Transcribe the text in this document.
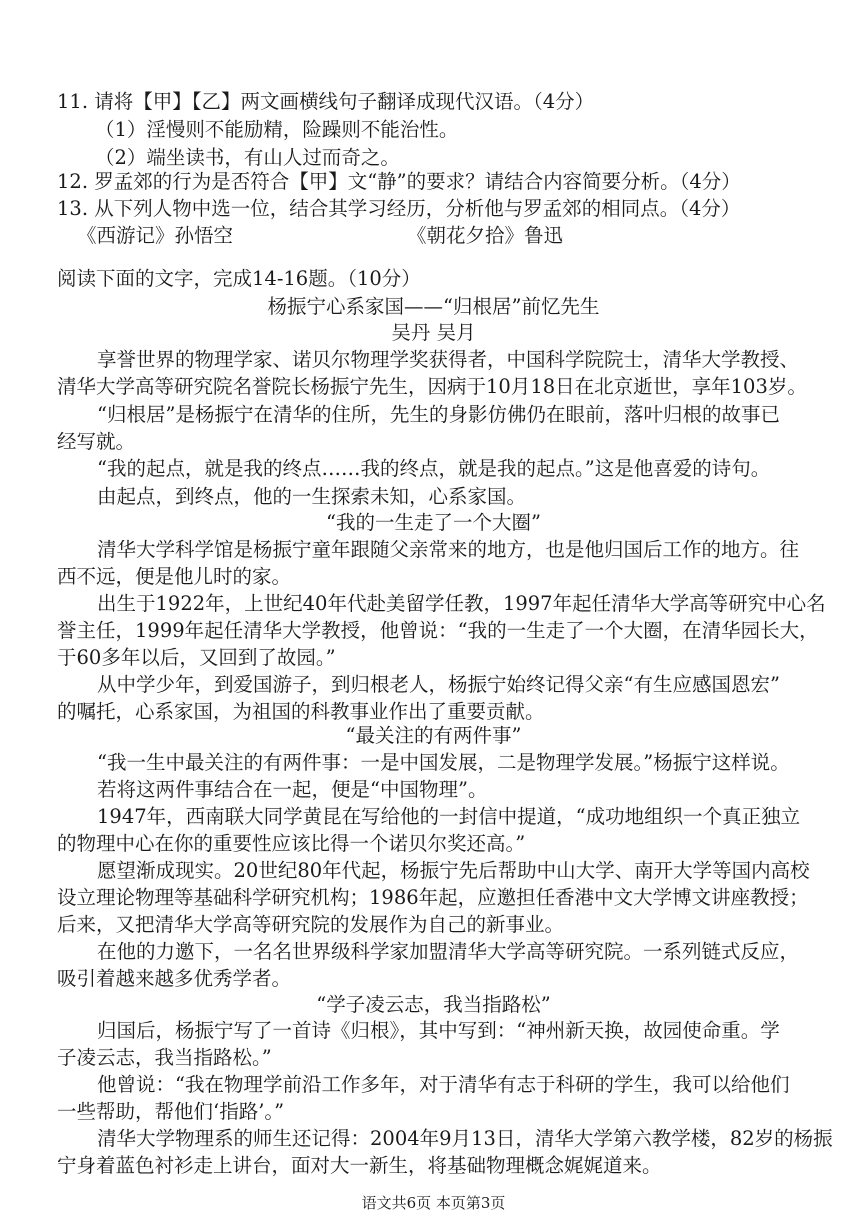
11. 请将【甲】【乙】两文画横线句子翻译成现代汉语。（4分）
（1）淫慢则不能励精，险躁则不能治性。
（2）端坐读书，有山人过而奇之。
12. 罗孟郊的行为是否符合【甲】文“静”的要求？请结合内容简要分析。（4分）
13. 从下列人物中选一位，结合其学习经历，分析他与罗孟郊的相同点。（4分）
《西游记》孙悟空	《朝花夕拾》鲁迅
阅读下面的文字，完成14-16题。（10分）
杨振宁心系家国——“归根居”前忆先生
吴丹 吴月
享誉世界的物理学家、诺贝尔物理学奖获得者，中国科学院院士，清华大学教授、
清华大学高等研究院名誉院长杨振宁先生，因病于10月18日在北京逝世，享年103岁。
“归根居”是杨振宁在清华的住所，先生的身影仿佛仍在眼前，落叶归根的故事已
经写就。
“我的起点，就是我的终点……我的终点，就是我的起点。”这是他喜爱的诗句。
由起点，到终点，他的一生探索未知，心系家国。
“我的一生走了一个大圈”
清华大学科学馆是杨振宁童年跟随父亲常来的地方，也是他归国后工作的地方。往
西不远，便是他儿时的家。
出生于1922年，上世纪40年代赴美留学任教，1997年起任清华大学高等研究中心名
誉主任，1999年起任清华大学教授，他曾说：“我的一生走了一个大圈，在清华园长大，
于60多年以后，又回到了故园。”
从中学少年，到爱国游子，到归根老人，杨振宁始终记得父亲“有生应感国恩宏”
的嘱托，心系家国，为祖国的科教事业作出了重要贡献。
“最关注的有两件事”
“我一生中最关注的有两件事：一是中国发展，二是物理学发展。”杨振宁这样说。
若将这两件事结合在一起，便是“中国物理”。
1947年，西南联大同学黄昆在写给他的一封信中提道，“成功地组织一个真正独立
的物理中心在你的重要性应该比得一个诺贝尔奖还高。”
愿望渐成现实。20世纪80年代起，杨振宁先后帮助中山大学、南开大学等国内高校
设立理论物理等基础科学研究机构；1986年起，应邀担任香港中文大学博文讲座教授；
后来，又把清华大学高等研究院的发展作为自己的新事业。
在他的力邀下，一名名世界级科学家加盟清华大学高等研究院。一系列链式反应，
吸引着越来越多优秀学者。
“学子凌云志，我当指路松”
归国后，杨振宁写了一首诗《归根》，其中写到：“神州新天换，故园使命重。学
子凌云志，我当指路松。”
他曾说：“我在物理学前沿工作多年，对于清华有志于科研的学生，我可以给他们
一些帮助，帮他们‘指路’。”
清华大学物理系的师生还记得：2004年9月13日，清华大学第六教学楼，82岁的杨振
宁身着蓝色衬衫走上讲台，面对大一新生，将基础物理概念娓娓道来。
语文共6页 本页第3页
